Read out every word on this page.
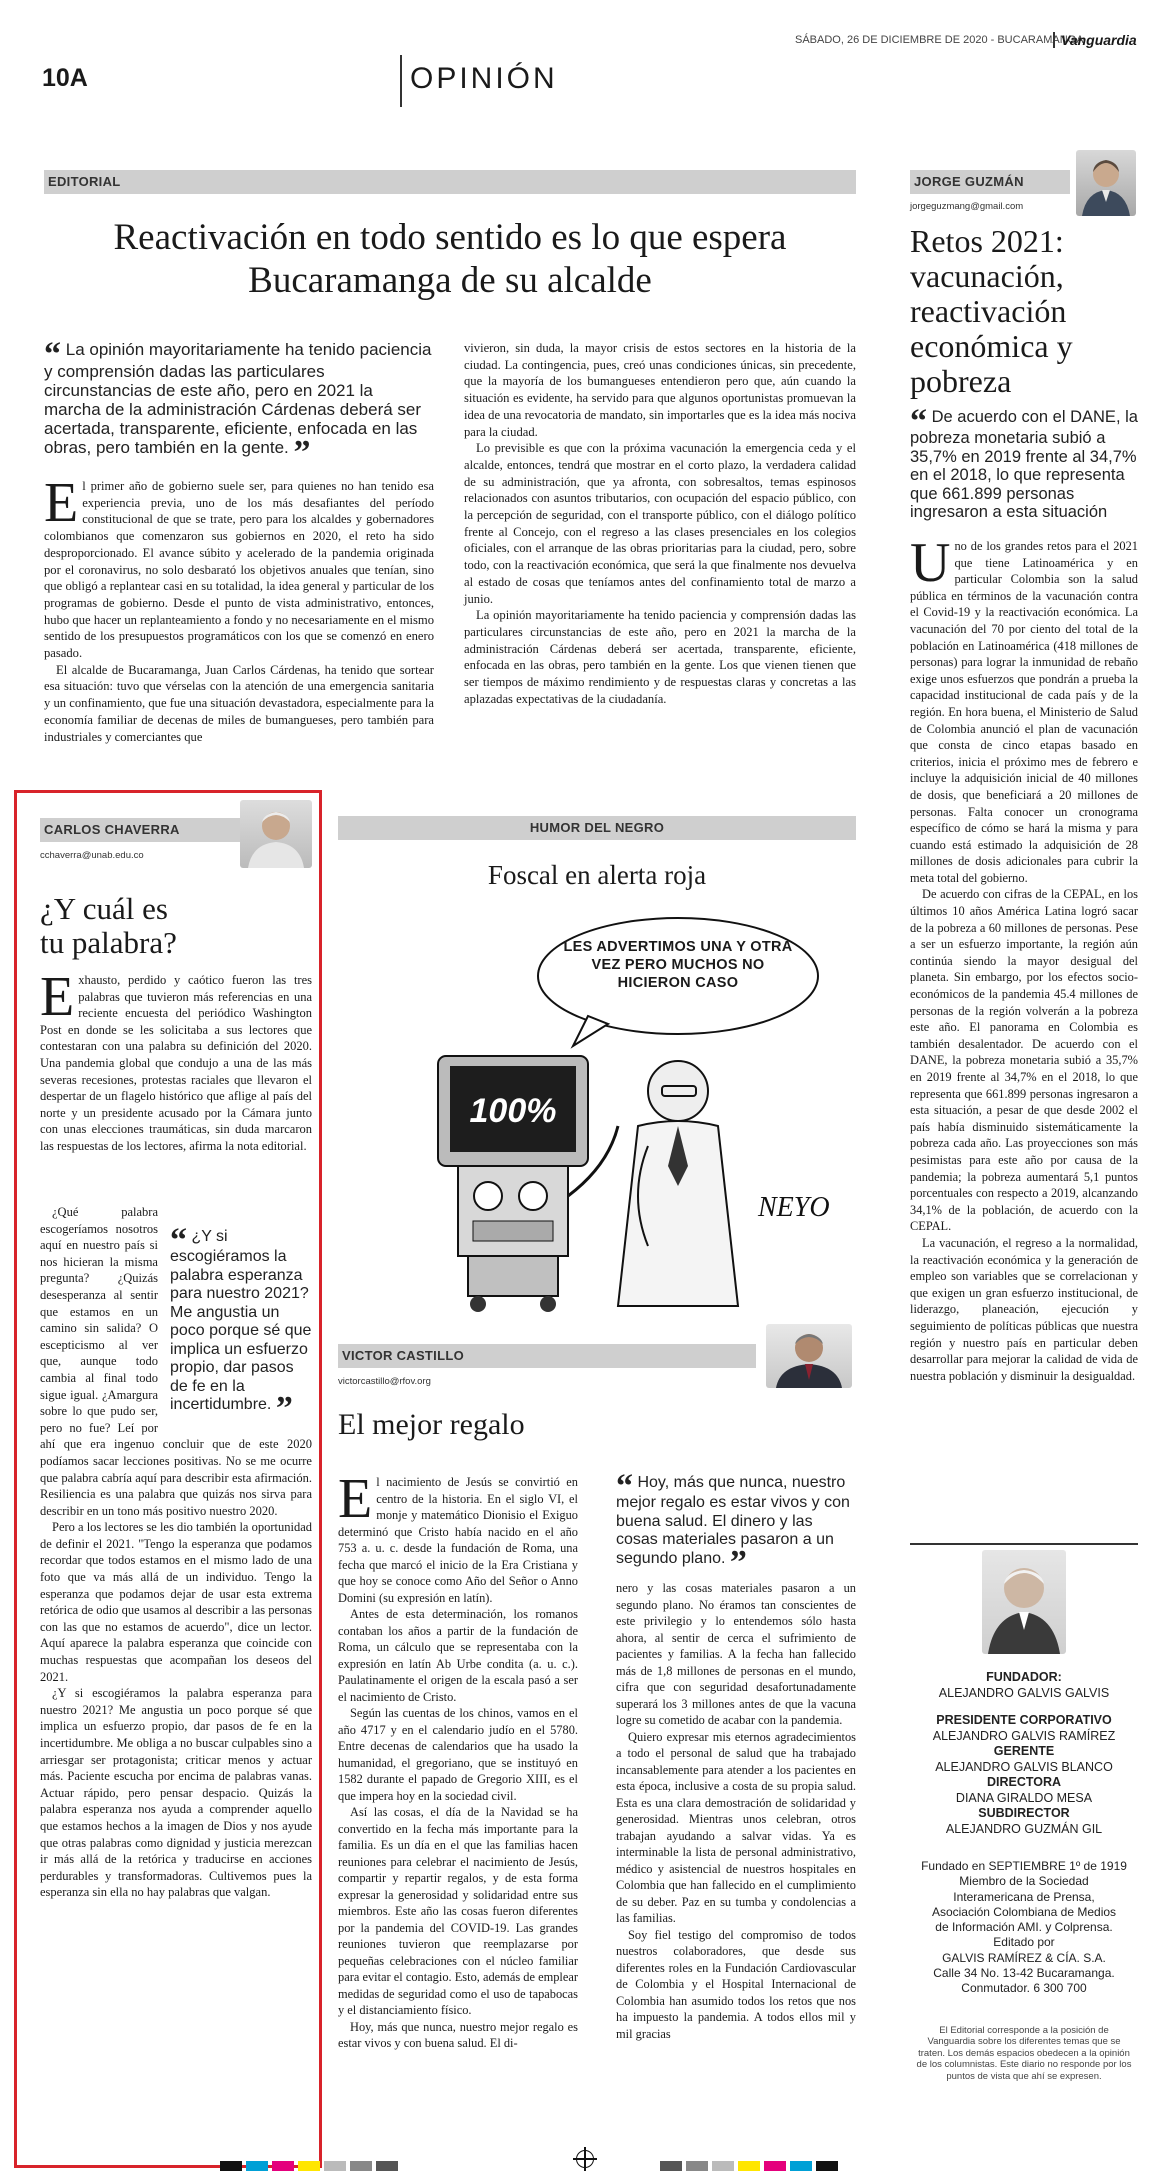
SÁBADO, 26 DE DICIEMBRE DE 2020 - BUCARAMANGA
Vanguardia
10A	OPINIÓN
EDITORIAL
Reactivación en todo sentido es lo que espera
Bucaramanga de su alcalde
“ La opinión mayoritariamente ha tenido paciencia y comprensión dadas las particulares circunstancias de este año, pero en 2021 la marcha de la administración Cárdenas deberá ser acertada, transparente, eficiente, enfocada en las obras, pero también en la gente. ”

El primer año de gobierno suele ser, para quienes no han tenido esa experiencia previa, uno de los más desafiantes del período constitucional de que se trate, pero para los alcaldes y gobernadores colombianos que comenzaron sus gobiernos en 2020, el reto ha sido desproporcionado. El avance súbito y acelerado de la pandemia originada por el coronavirus, no solo desbarató los objetivos anuales que tenían, sino que obligó a replantear casi en su totalidad, la idea general y particular de los programas de gobierno. Desde el punto de vista administrativo, entonces, hubo que hacer un replanteamiento a fondo y no necesariamente en el mismo sentido de los presupuestos programáticos con los que se comenzó en enero pasado.

El alcalde de Bucaramanga, Juan Carlos Cárdenas, ha tenido que sortear esa situación: tuvo que vérselas con la atención de una emergencia sanitaria y un confinamiento, que fue una situación devastadora, especialmente para la economía familiar de decenas de miles de bumangueses, pero también para industriales y comerciantes que

vivieron, sin duda, la mayor crisis de estos sectores en la historia de la ciudad. La contingencia, pues, creó unas condiciones únicas, sin precedente, que la mayoría de los bumangueses entendieron pero que, aún cuando la situación es evidente, ha servido para que algunos oportunistas promuevan la idea de una revocatoria de mandato, sin importarles que es la idea más nociva para la ciudad.

Lo previsible es que con la próxima vacunación la emergencia ceda y el alcalde, entonces, tendrá que mostrar en el corto plazo, la verdadera calidad de su administración, que ya afronta, con sobresaltos, temas espinosos relacionados con asuntos tributarios, con ocupación del espacio público, con la percepción de seguridad, con el transporte público, con el diálogo político frente al Concejo, con el regreso a las clases presenciales en los colegios oficiales, con el arranque de las obras prioritarias para la ciudad, pero, sobre todo, con la reactivación económica, que será la que finalmente nos devuelva al estado de cosas que teníamos antes del confinamiento total de marzo a junio.

La opinión mayoritariamente ha tenido paciencia y comprensión dadas las particulares circunstancias de este año, pero en 2021 la marcha de la administración Cárdenas deberá ser acertada, transparente, eficiente, enfocada en las obras, pero también en la gente. Los que vienen tienen que ser tiempos de máximo rendimiento y de respuestas claras y concretas a las aplazadas expectativas de la ciudadanía.

JORGE GUZMÁN
jorgeguzmang@gmail.com
Retos 2021: vacunación, reactivación económica y pobreza
“ De acuerdo con el DANE, la pobreza monetaria subió a 35,7% en 2019 frente al 34,7% en el 2018, lo que representa que 661.899 personas ingresaron a esta situación

Uno de los grandes retos para el 2021 que tiene Latinoamérica y en particular Colombia son la salud pública en términos de la vacunación contra el Covid-19 y la reactivación económica. La vacunación del 70 por ciento del total de la población en Latinoamérica (418 millones de personas) para lograr la inmunidad de rebaño exige unos esfuerzos que pondrán a prueba la capacidad institucional de cada país y de la región. En hora buena, el Ministerio de Salud de Colombia anunció el plan de vacunación que consta de cinco etapas basado en criterios, inicia el próximo mes de febrero e incluye la adquisición inicial de 40 millones de dosis, que beneficiará a 20 millones de personas. Falta conocer un cronograma específico de cómo se hará la misma y para cuando está estimado la adquisición de 28 millones de dosis adicionales para cubrir la meta total del gobierno.

De acuerdo con cifras de la CEPAL, en los últimos 10 años América Latina logró sacar de la pobreza a 60 millones de personas. Pese a ser un esfuerzo importante, la región aún continúa siendo la mayor desigual del planeta. Sin embargo, por los efectos socio-económicos de la pandemia 45.4 millones de personas de la región volverán a la pobreza este año. El panorama en Colombia es también desalentador. De acuerdo con el DANE, la pobreza monetaria subió a 35,7% en 2019 frente al 34,7% en el 2018, lo que representa que 661.899 personas ingresaron a esta situación, a pesar de que desde 2002 el país había disminuido sistemáticamente la pobreza cada año. Las proyecciones son más pesimistas para este año por causa de la pandemia; la pobreza aumentará 5,1 puntos porcentuales con respecto a 2019, alcanzando 34,1% de la población, de acuerdo con la CEPAL.

La vacunación, el regreso a la normalidad, la reactivación económica y la generación de empleo son variables que se correlacionan y que exigen un gran esfuerzo institucional, de liderazgo, planeación, ejecución y seguimiento de políticas públicas que nuestra región y nuestro país en particular deben desarrollar para mejorar la calidad de vida de nuestra población y disminuir la desigualdad.

CARLOS CHAVERRA
cchaverra@unab.edu.co
¿Y cuál es
tu palabra?

Exhausto, perdido y caótico fueron las tres palabras que tuvieron más referencias en una reciente encuesta del periódico Washington Post en donde se les solicitaba a sus lectores que contestaran con una palabra su definición del 2020. Una pandemia global que condujo a una de las más severas recesiones, protestas raciales que llevaron el despertar de un flagelo histórico que aflige al país del norte y un presidente acusado por la Cámara junto con unas elecciones traumáticas, sin duda marcaron las respuestas de los lectores, afirma la nota editorial.

“ ¿Y si escogiéramos la palabra esperanza para nuestro 2021? Me angustia un poco porque sé que implica un esfuerzo propio, dar pasos de fe en la incertidumbre. ”

¿Qué palabra escogeríamos nosotros aquí en nuestro país si nos hicieran la misma pregunta? ¿Quizás desesperanza al sentir que estamos en un camino sin salida? O escepticismo al ver que, aunque todo cambia al final todo sigue igual. ¿Amargura sobre lo que pudo ser, pero no fue? Leí por ahí que era ingenuo concluir que de este 2020 podíamos sacar lecciones positivas. No se me ocurre que palabra cabría aquí para describir esta afirmación. Resiliencia es una palabra que quizás nos sirva para describir en un tono más positivo nuestro 2020.

Pero a los lectores se les dio también la oportunidad de definir el 2021. "Tengo la esperanza que podamos recordar que todos estamos en el mismo lado de una foto que va más allá de un individuo. Tengo la esperanza que podamos dejar de usar esta extrema retórica de odio que usamos al describir a las personas con las que no estamos de acuerdo", dice un lector. Aquí aparece la palabra esperanza que coincide con muchas respuestas que acompañan los deseos del 2021.

¿Y si escogiéramos la palabra esperanza para nuestro 2021? Me angustia un poco porque sé que implica un esfuerzo propio, dar pasos de fe en la incertidumbre. Me obliga a no buscar culpables sino a arriesgar ser protagonista; criticar menos y actuar más. Paciente escucha por encima de palabras vanas. Actuar rápido, pero pensar despacio. Quizás la palabra esperanza nos ayuda a comprender aquello que estamos hechos a la imagen de Dios y nos ayude que otras palabras como dignidad y justicia merezcan ir más allá de la retórica y traducirse en acciones perdurables y transformadoras. Cultivemos pues la esperanza sin ella no hay palabras que valgan.

HUMOR DEL NEGRO
Foscal en alerta roja
LES ADVERTIMOS UNA Y OTRA VEZ PERO MUCHOS NO HICIERON CASO
100%
NEYO
VICTOR CASTILLO
victorcastillo@rfov.org
El mejor regalo

El nacimiento de Jesús se convirtió en centro de la historia. En el siglo VI, el monje y matemático Dionisio el Exiguo determinó que Cristo había nacido en el año 753 a. u. c. desde la fundación de Roma, una fecha que marcó el inicio de la Era Cristiana y que hoy se conoce como Año del Señor o Anno Domini (su expresión en latín).

Antes de esta determinación, los romanos contaban los años a partir de la fundación de Roma, un cálculo que se representaba con la expresión en latín Ab Urbe condita (a. u. c.). Paulatinamente el origen de la escala pasó a ser el nacimiento de Cristo.

Según las cuentas de los chinos, vamos en el año 4717 y en el calendario judío en el 5780. Entre decenas de calendarios que ha usado la humanidad, el gregoriano, que se instituyó en 1582 durante el papado de Gregorio XIII, es el que impera hoy en la sociedad civil.

Así las cosas, el día de la Navidad se ha convertido en la fecha más importante para la familia. Es un día en el que las familias hacen reuniones para celebrar el nacimiento de Jesús, compartir y repartir regalos, y de esta forma expresar la generosidad y solidaridad entre sus miembros. Este año las cosas fueron diferentes por la pandemia del COVID-19. Las grandes reuniones tuvieron que reemplazarse por pequeñas celebraciones con el núcleo familiar para evitar el contagio. Esto, además de emplear medidas de seguridad como el uso de tapabocas y el distanciamiento físico.

Hoy, más que nunca, nuestro mejor regalo es estar vivos y con buena salud. El di-

“ Hoy, más que nunca, nuestro mejor regalo es estar vivos y con buena salud. El dinero y las cosas materiales pasaron a un segundo plano. ”

nero y las cosas materiales pasaron a un segundo plano. No éramos tan conscientes de este privilegio y lo entendemos sólo hasta ahora, al sentir de cerca el sufrimiento de pacientes y familias. A la fecha han fallecido más de 1,8 millones de personas en el mundo, cifra que con seguridad desafortunadamente superará los 3 millones antes de que la vacuna logre su cometido de acabar con la pandemia.

Quiero expresar mis eternos agradecimientos a todo el personal de salud que ha trabajado incansablemente para atender a los pacientes en esta época, inclusive a costa de su propia salud. Esta es una clara demostración de solidaridad y generosidad. Mientras unos celebran, otros trabajan ayudando a salvar vidas. Ya es interminable la lista de personal administrativo, médico y asistencial de nuestros hospitales en Colombia que han fallecido en el cumplimiento de su deber. Paz en su tumba y condolencias a las familias.

Soy fiel testigo del compromiso de todos nuestros colaboradores, que desde sus diferentes roles en la Fundación Cardiovascular de Colombia y el Hospital Internacional de Colombia han asumido todos los retos que nos ha impuesto la pandemia. A todos ellos mil y mil gracias

FUNDADOR:
ALEJANDRO GALVIS GALVIS
PRESIDENTE CORPORATIVO
ALEJANDRO GALVIS RAMÍREZ
GERENTE
ALEJANDRO GALVIS BLANCO
DIRECTORA
DIANA GIRALDO MESA
SUBDIRECTOR
ALEJANDRO GUZMÁN GIL
Fundado en SEPTIEMBRE 1º de 1919
Miembro de la Sociedad
Interamericana de Prensa,
Asociación Colombiana de Medios
de Información AMI. y Colprensa.
Editado por
GALVIS RAMÍREZ & CÍA. S.A.
Calle 34 No. 13-42 Bucaramanga.
Conmutador. 6 300 700
El Editorial corresponde a la posición de Vanguardia sobre los diferentes temas que se traten. Los demás espacios obedecen a la opinión de los columnistas. Este diario no responde por los puntos de vista que ahí se expresen.
